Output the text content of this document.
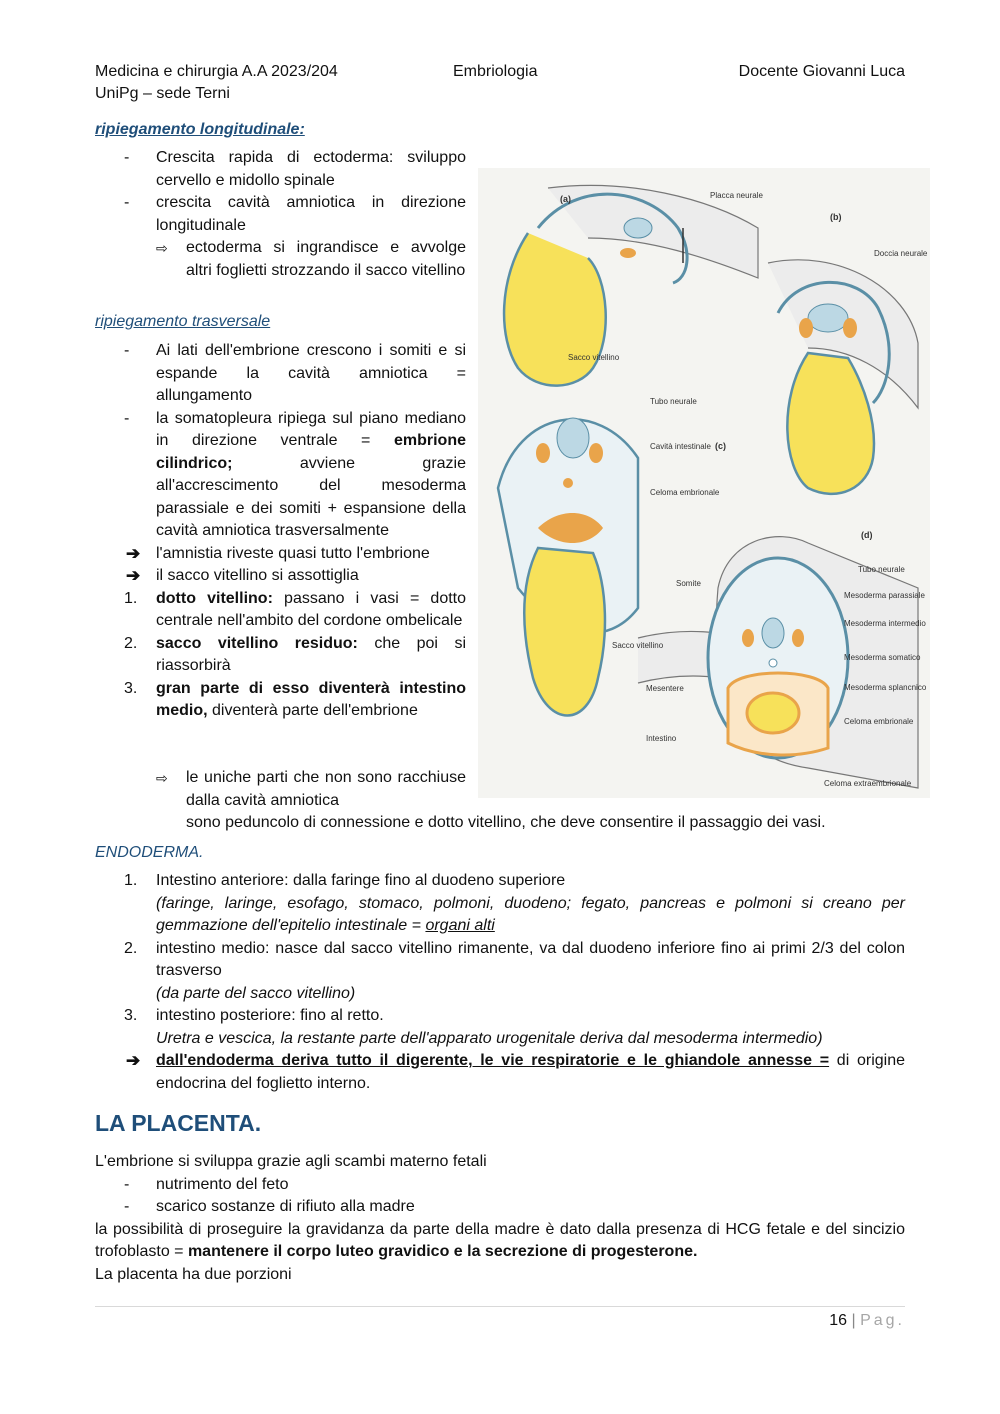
Medicina e chirurgia A.A 2023/204
UniPg – sede Terni
Embriologia	Docente Giovanni Luca
ripiegamento longitudinale:
- Crescita rapida di ectoderma: sviluppo cervello e midollo spinale
- crescita cavità amniotica in direzione longitudinale
⇨ ectoderma si ingrandisce e avvolge altri foglietti strozzando il sacco vitellino
ripiegamento trasversale
- Ai lati dell'embrione crescono i somiti e si espande la cavità amniotica = allungamento
- la somatopleura ripiega sul piano mediano in direzione ventrale = embrione cilindrico; avviene grazie all'accrescimento del mesoderma parassiale e dei somiti + espansione della cavità amniotica trasversalmente
➔ l'amnistia riveste quasi tutto l'embrione
➔ il sacco vitellino si assottiglia
1. dotto vitellino: passano i vasi = dotto centrale nell'ambito del cordone ombelicale
2. sacco vitellino residuo: che poi si riassorbirà
3. gran parte di esso diventerà intestino medio, diventerà parte dell'embrione
⇨ le uniche parti che non sono racchiuse dalla cavità amniotica
sono peduncolo di connessione e dotto vitellino, che deve consentire il passaggio dei vasi.
(a)
(b)
(c)
(d)
Placca neurale
Doccia neurale
Sacco vitellino
Tubo neurale
Cavità intestinale
Celoma embrionale
Somite
Sacco vitellino
Mesentere
Intestino
Tubo neurale
Mesoderma parassiale
Mesoderma intermedio
Mesoderma somatico
Mesoderma splancnico
Celoma embrionale
Celoma extraembrionale
ENDODERMA.
1. Intestino anteriore: dalla faringe fino al duodeno superiore
(faringe, laringe, esofago, stomaco, polmoni, duodeno; fegato, pancreas e polmoni si creano per gemmazione dell'epitelio intestinale = organi alti
2. intestino medio: nasce dal sacco vitellino rimanente, va dal duodeno inferiore fino ai primi 2/3 del colon trasverso
(da parte del sacco vitellino)
3. intestino posteriore: fino al retto.
Uretra e vescica, la restante parte dell'apparato urogenitale deriva dal mesoderma intermedio)
➔ dall'endoderma deriva tutto il digerente, le vie respiratorie e le ghiandole annesse = di origine endocrina del foglietto interno.
LA PLACENTA.
L'embrione si sviluppa grazie agli scambi materno fetali
- nutrimento del feto
- scarico sostanze di rifiuto alla madre
la possibilità di proseguire la gravidanza da parte della madre è dato dalla presenza di HCG fetale e del sincizio trofoblasto = mantenere il corpo luteo gravidico e la secrezione di progesterone.
La placenta ha due porzioni
16 | Pag.
